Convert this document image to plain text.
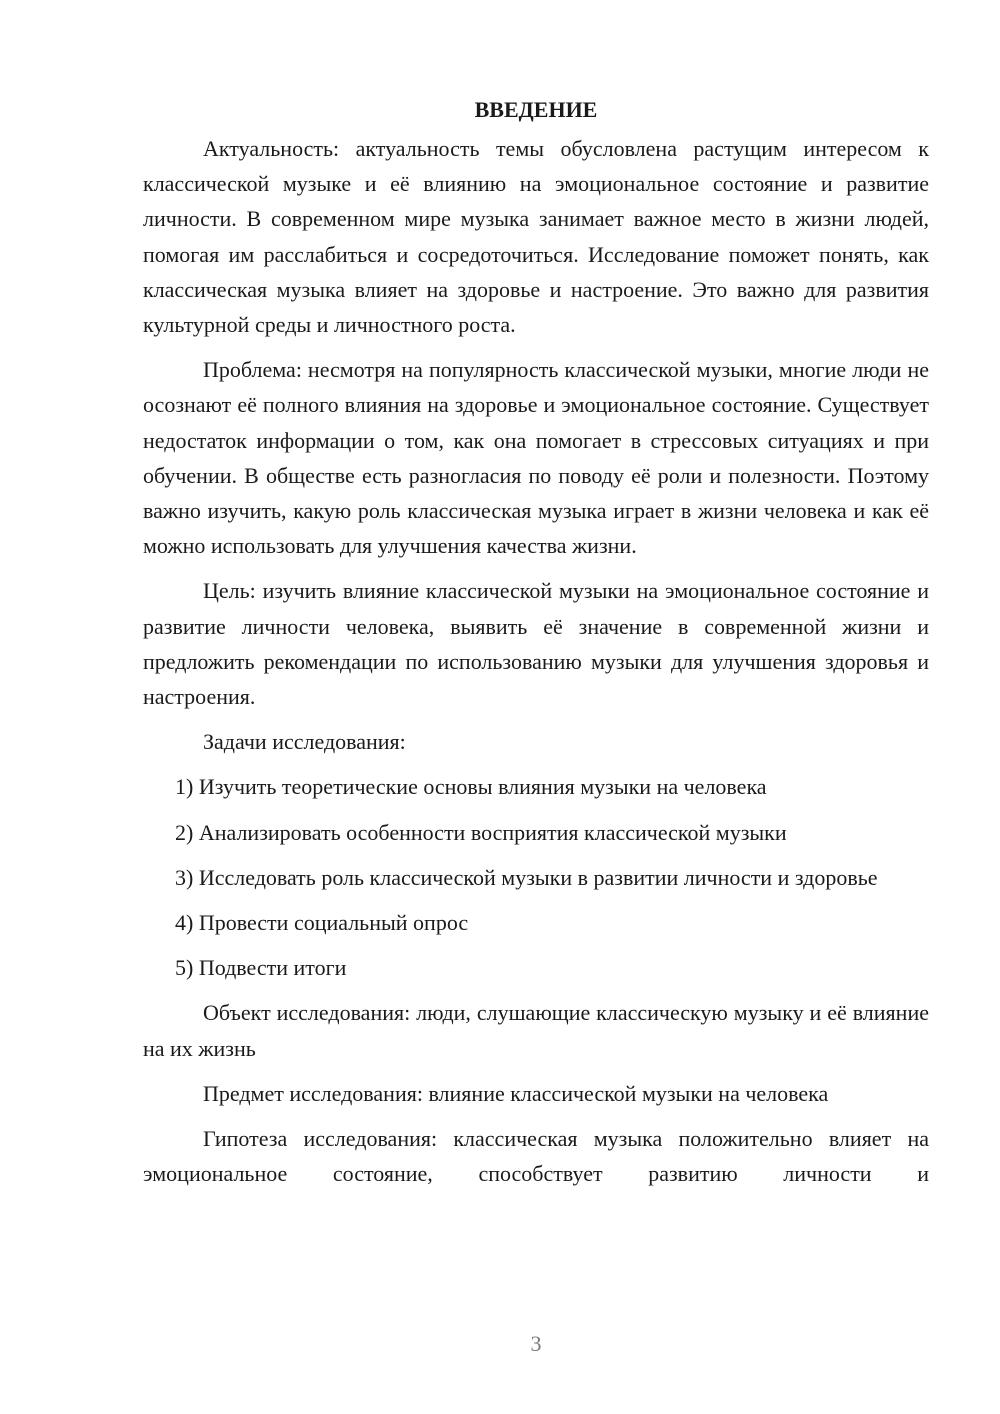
ВВЕДЕНИЕ

Актуальность: актуальность темы обусловлена растущим интересом к классической музыке и её влиянию на эмоциональное состояние и развитие личности. В современном мире музыка занимает важное место в жизни людей, помогая им расслабиться и сосредоточиться. Исследование поможет понять, как классическая музыка влияет на здоровье и настроение. Это важно для развития культурной среды и личностного роста.

Проблема: несмотря на популярность классической музыки, многие люди не осознают её полного влияния на здоровье и эмоциональное состояние. Существует недостаток информации о том, как она помогает в стрессовых ситуациях и при обучении. В обществе есть разногласия по поводу её роли и полезности. Поэтому важно изучить, какую роль классическая музыка играет в жизни человека и как её можно использовать для улучшения качества жизни.

Цель: изучить влияние классической музыки на эмоциональное состояние и развитие личности человека, выявить её значение в современной жизни и предложить рекомендации по использованию музыки для улучшения здоровья и настроения.

Задачи исследования:

1) Изучить теоретические основы влияния музыки на человека

2) Анализировать особенности восприятия классической музыки

3) Исследовать роль классической музыки в развитии личности и здоровье

4) Провести социальный опрос

5) Подвести итоги

Объект исследования: люди, слушающие классическую музыку и её влияние на их жизнь

Предмет исследования: влияние классической музыки на человека

Гипотеза исследования: классическая музыка положительно влияет на эмоциональное состояние, способствует развитию личности и

3
